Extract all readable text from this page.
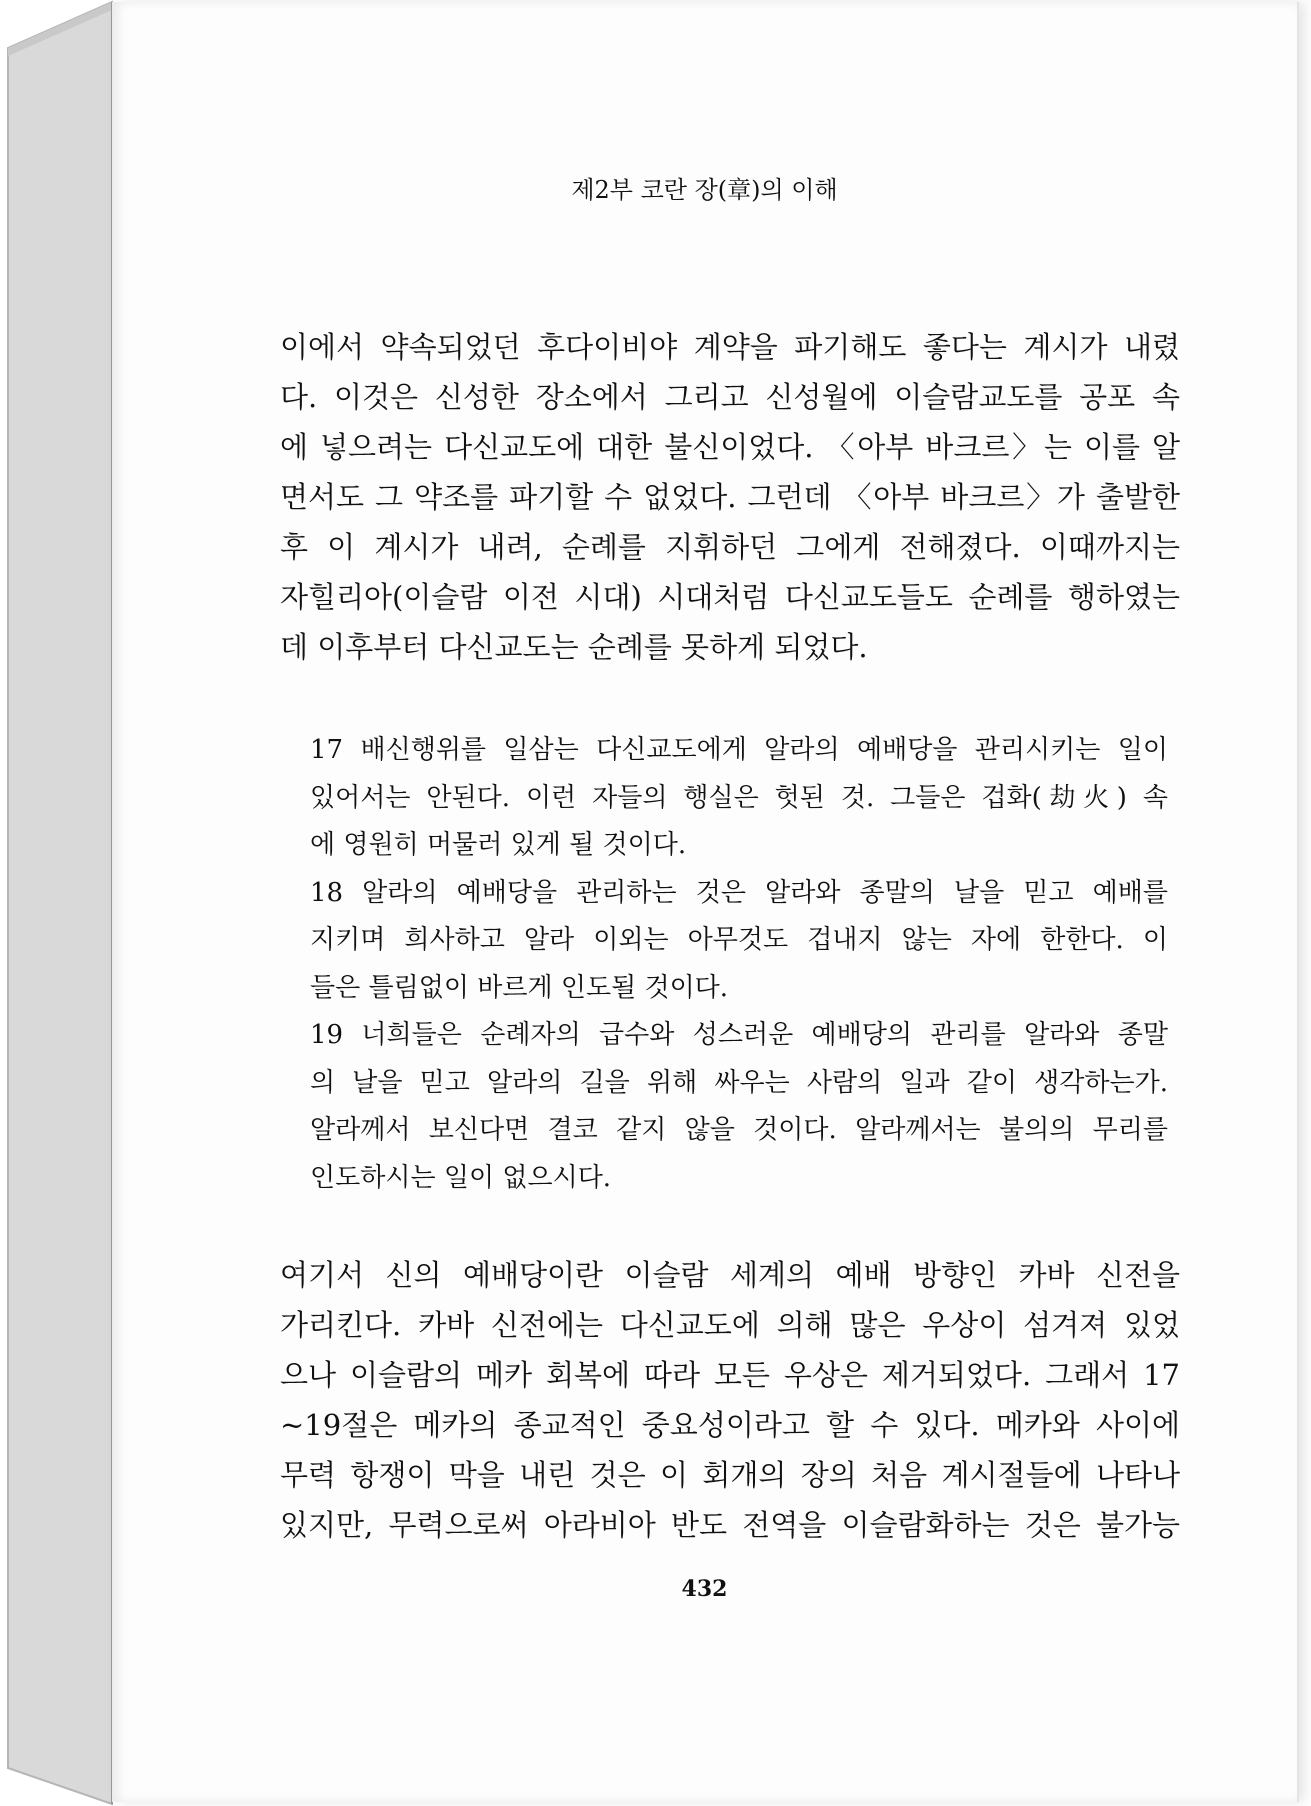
제2부 코란 장(章)의 이해
이에서 약속되었던 후다이비야 계약을 파기해도 좋다는 계시가 내렸
다. 이것은 신성한 장소에서 그리고 신성월에 이슬람교도를 공포 속
에 넣으려는 다신교도에 대한 불신이었다. 〈아부 바크르〉는 이를 알
면서도 그 약조를 파기할 수 없었다. 그런데 〈아부 바크르〉가 출발한
후 이 계시가 내려, 순례를 지휘하던 그에게 전해졌다. 이때까지는
자힐리아(이슬람 이전 시대) 시대처럼 다신교도들도 순례를 행하였는
데 이후부터 다신교도는 순례를 못하게 되었다.
17 배신행위를 일삼는 다신교도에게 알라의 예배당을 관리시키는 일이
있어서는 안된다. 이런 자들의 행실은 헛된 것. 그들은 겁화(劫火) 속
에 영원히 머물러 있게 될 것이다.
18 알라의 예배당을 관리하는 것은 알라와 종말의 날을 믿고 예배를
지키며 희사하고 알라 이외는 아무것도 겁내지 않는 자에 한한다. 이
들은 틀림없이 바르게 인도될 것이다.
19 너희들은 순례자의 급수와 성스러운 예배당의 관리를 알라와 종말
의 날을 믿고 알라의 길을 위해 싸우는 사람의 일과 같이 생각하는가.
알라께서 보신다면 결코 같지 않을 것이다. 알라께서는 불의의 무리를
인도하시는 일이 없으시다.
여기서 신의 예배당이란 이슬람 세계의 예배 방향인 카바 신전을
가리킨다. 카바 신전에는 다신교도에 의해 많은 우상이 섬겨져 있었
으나 이슬람의 메카 회복에 따라 모든 우상은 제거되었다. 그래서 17
~19절은 메카의 종교적인 중요성이라고 할 수 있다. 메카와 사이에
무력 항쟁이 막을 내린 것은 이 회개의 장의 처음 계시절들에 나타나
있지만, 무력으로써 아라비아 반도 전역을 이슬람화하는 것은 불가능
432
